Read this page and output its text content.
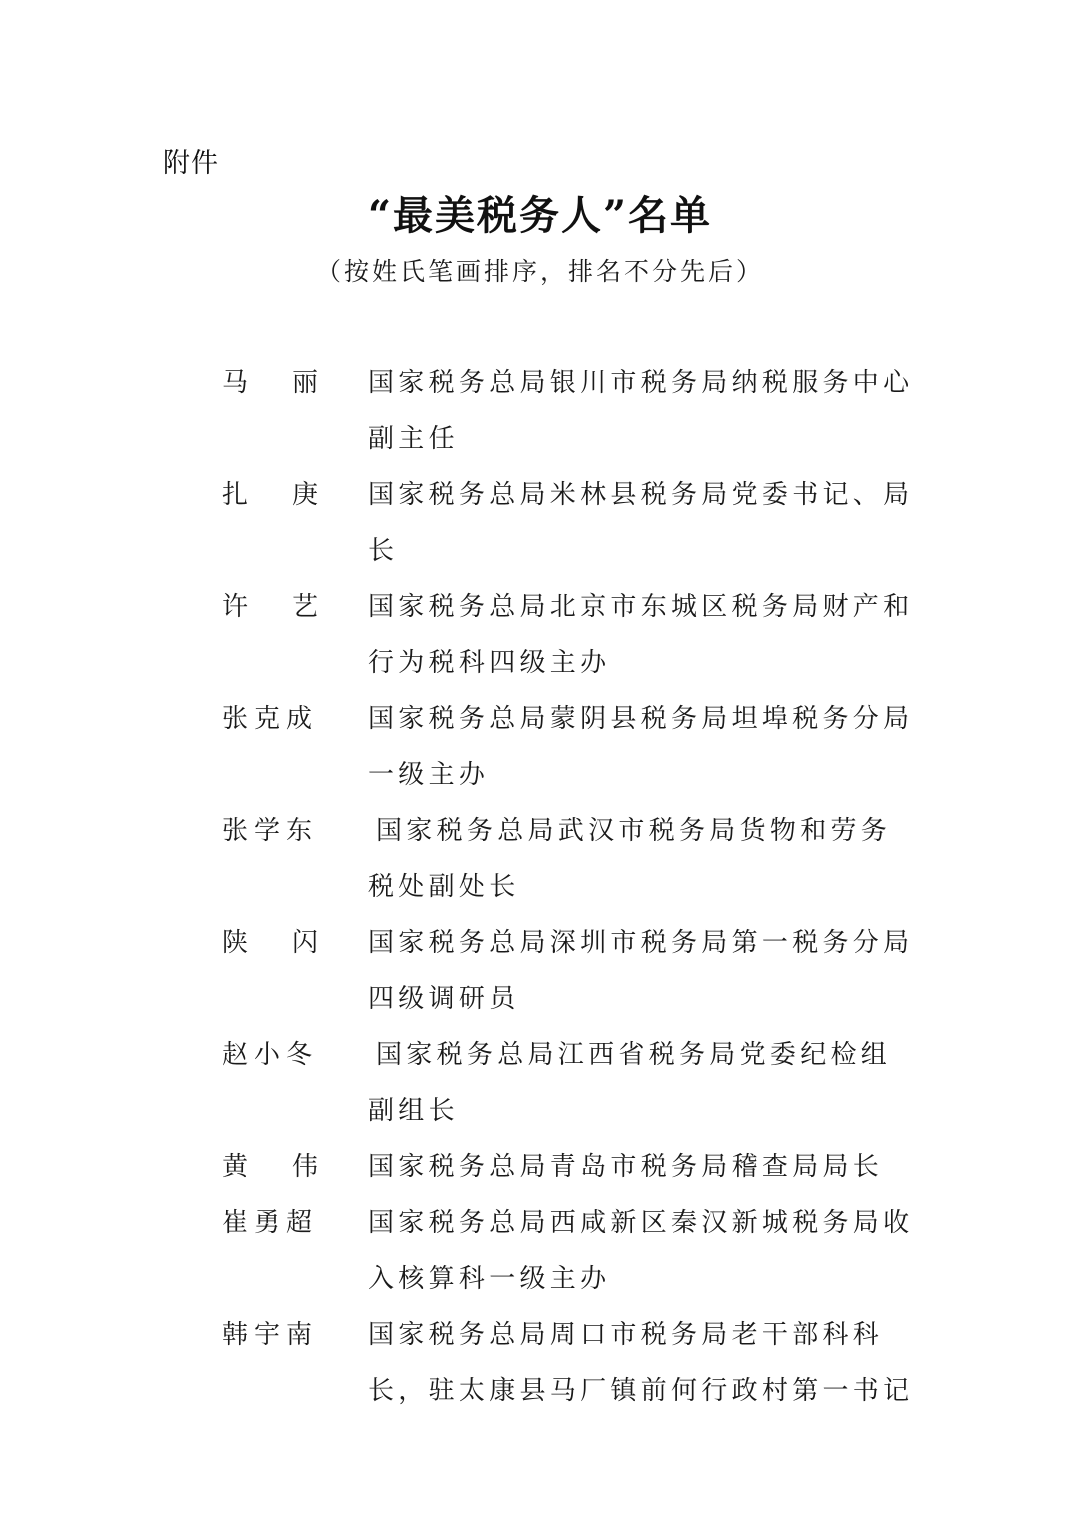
附件
“最美税务人”名单
（按姓氏笔画排序，排名不分先后）
马	丽 国家税务总局银川市税务局纳税服务中心副主任
扎	庚 国家税务总局米林县税务局党委书记、局长
许	艺 国家税务总局北京市东城区税务局财产和行为税科四级主办
张克成	国家税务总局蒙阴县税务局坦埠税务分局一级主办
张学东	国家税务总局武汉市税务局货物和劳务税处副处长
陕	闪 国家税务总局深圳市税务局第一税务分局四级调研员
赵小冬	国家税务总局江西省税务局党委纪检组副组长
黄	伟 国家税务总局青岛市税务局稽查局局长
崔勇超	国家税务总局西咸新区秦汉新城税务局收入核算科一级主办
韩宇南	国家税务总局周口市税务局老干部科科长，驻太康县马厂镇前何行政村第一书记
